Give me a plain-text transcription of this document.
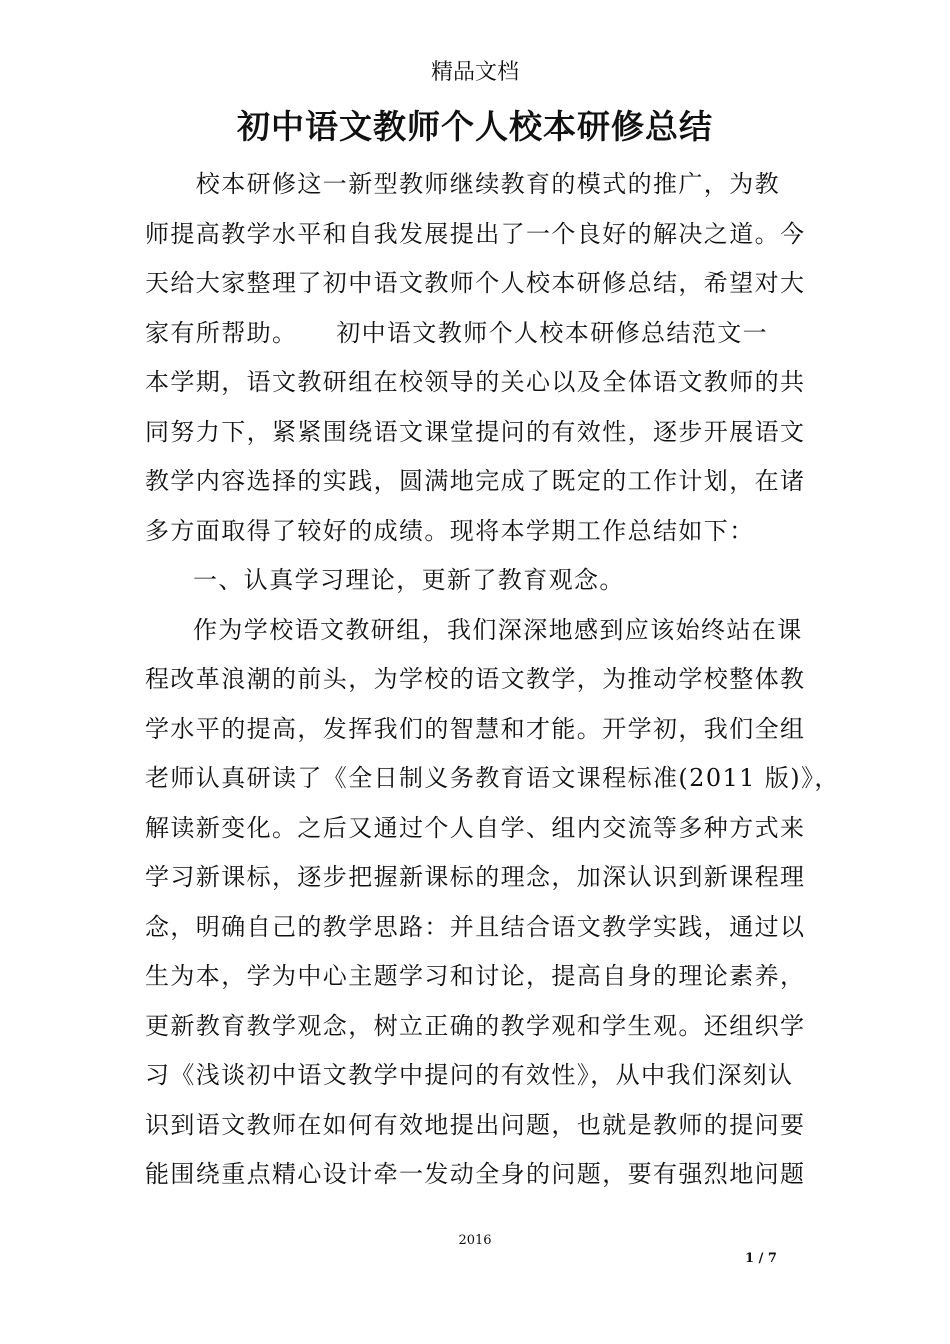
精品文档
初中语文教师个人校本研修总结
　　校本研修这一新型教师继续教育的模式的推广，为教
师提高教学水平和自我发展提出了一个良好的解决之道。今
天给大家整理了初中语文教师个人校本研修总结，希望对大
家有所帮助。　　初中语文教师个人校本研修总结范文一
本学期，语文教研组在校领导的关心以及全体语文教师的共
同努力下，紧紧围绕语文课堂提问的有效性，逐步开展语文
教学内容选择的实践，圆满地完成了既定的工作计划，在诸
多方面取得了较好的成绩。现将本学期工作总结如下：
一、认真学习理论，更新了教育观念。
作为学校语文教研组，我们深深地感到应该始终站在课
程改革浪潮的前头，为学校的语文教学，为推动学校整体教
学水平的提高，发挥我们的智慧和才能。开学初，我们全组
老师认真研读了《全日制义务教育语文课程标准(2011 版)》，
解读新变化。之后又通过个人自学、组内交流等多种方式来
学习新课标，逐步把握新课标的理念，加深认识到新课程理
念，明确自己的教学思路：并且结合语文教学实践，通过以
生为本，学为中心主题学习和讨论，提高自身的理论素养，
更新教育教学观念，树立正确的教学观和学生观。还组织学
习《浅谈初中语文教学中提问的有效性》，从中我们深刻认
识到语文教师在如何有效地提出问题，也就是教师的提问要
能围绕重点精心设计牵一发动全身的问题，要有强烈地问题
2016
1 / 7
